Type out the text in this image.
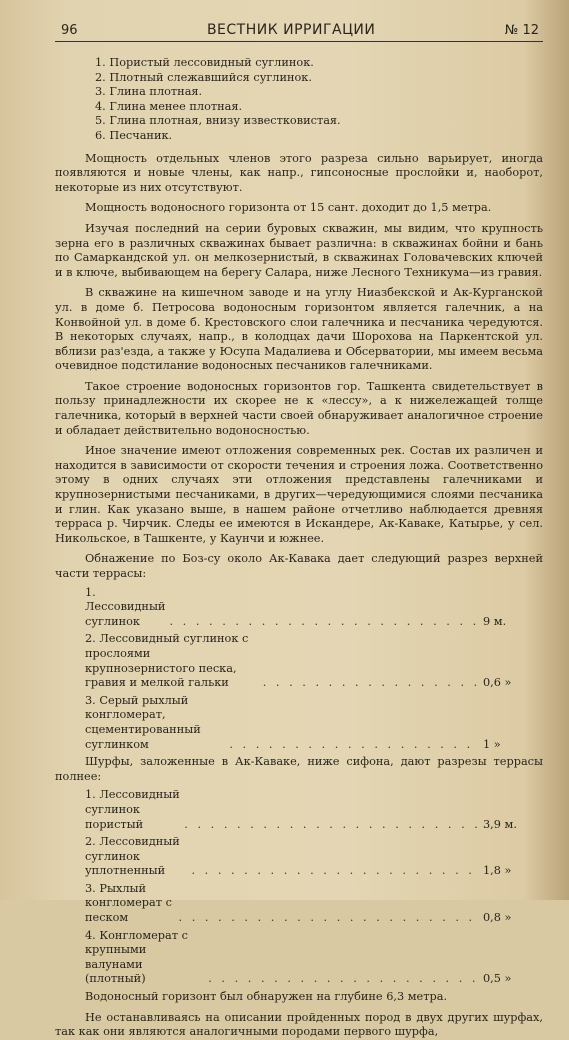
96	ВЕСТНИК ИРРИГАЦИИ	№ 12
1. Пористый лессовидный суглинок.
2. Плотный слежавшийся суглинок.
3. Глина плотная.
4. Глина менее плотная.
5. Глина плотная, внизу известковистая.
6. Песчаник.

Мощность отдельных членов этого разреза сильно варьирует, иногда появляются и новые члены, как напр., гипсоносные прослойки и, наоборот, некоторые из них отсутствуют.

Мощность водоносного горизонта от 15 сант. доходит до 1,5 метра.

Изучая последний на серии буровых скважин, мы видим, что крупность зерна его в различных скважинах бывает различна: в скважинах бойни и бань по Самаркандской ул. он мелкозернистый, в скважинах Головачевских ключей и в ключе, выбивающем на берегу Салара, ниже Лесного Техникума—из гравия.

В скважине на кишечном заводе и на углу Ниазбекской и Ак-Курганской ул. в доме б. Петросова водоносным горизонтом является галечник, а на Конвойной ул. в доме б. Крестовского слои галечника и песчаника чередуются. В некоторых случаях, напр., в колодцах дачи Шорохова на Паркентской ул. вблизи раз'езда, а также у Юсупа Мадалиева и Обсерватории, мы имеем весьма очевидное подстилание водоносных песчаников галечниками.

Такое строение водоносных горизонтов гор. Ташкента свидетельствует в пользу принадлежности их скорее не к «лессу», а к нижележащей толще галечника, который в верхней части своей обнаруживает аналогичное строение и обладает действительно водоносностью.

Иное значение имеют отложения современных рек. Состав их различен и находится в зависимости от скорости течения и строения ложа. Соответственно этому в одних случаях эти отложения представлены галечниками и крупнозернистыми песчаниками, в других—чередующимися слоями песчаника и глин. Как указано выше, в нашем районе отчетливо наблюдается древняя терраса р. Чирчик. Следы ее имеются в Искандере, Ак-Каваке, Катырье, у сел. Никольское, в Ташкенте, у Каунчи и южнее.

Обнажение по Боз-су около Ак-Кавака дает следующий разрез верхней части террасы:

1. Лессовидный суглинок . . .	9 м.
2. Лессовидный суглинок с прослоями крупнозернистого песка, гравия и мелкой гальки . . .	0,6 »
3. Серый рыхлый конгломерат, сцементированный суглинком . . .	1 »

Шурфы, заложенные в Ак-Каваке, ниже сифона, дают разрезы террасы полнее:

1. Лессовидный суглинок пористый . . .	3,9 м.
2. Лессовидный суглинок уплотненный . . .	1,8 »
3. Рыхлый конгломерат с песком . . .	0,8 »
4. Конгломерат с крупными валунами (плотный) . . .	0,5 »

Водоносный горизонт был обнаружен на глубине 6,3 метра.

Не останавливаясь на описании пройденных пород в двух других шурфах, так как они являются аналогичными породами первого шурфа,
